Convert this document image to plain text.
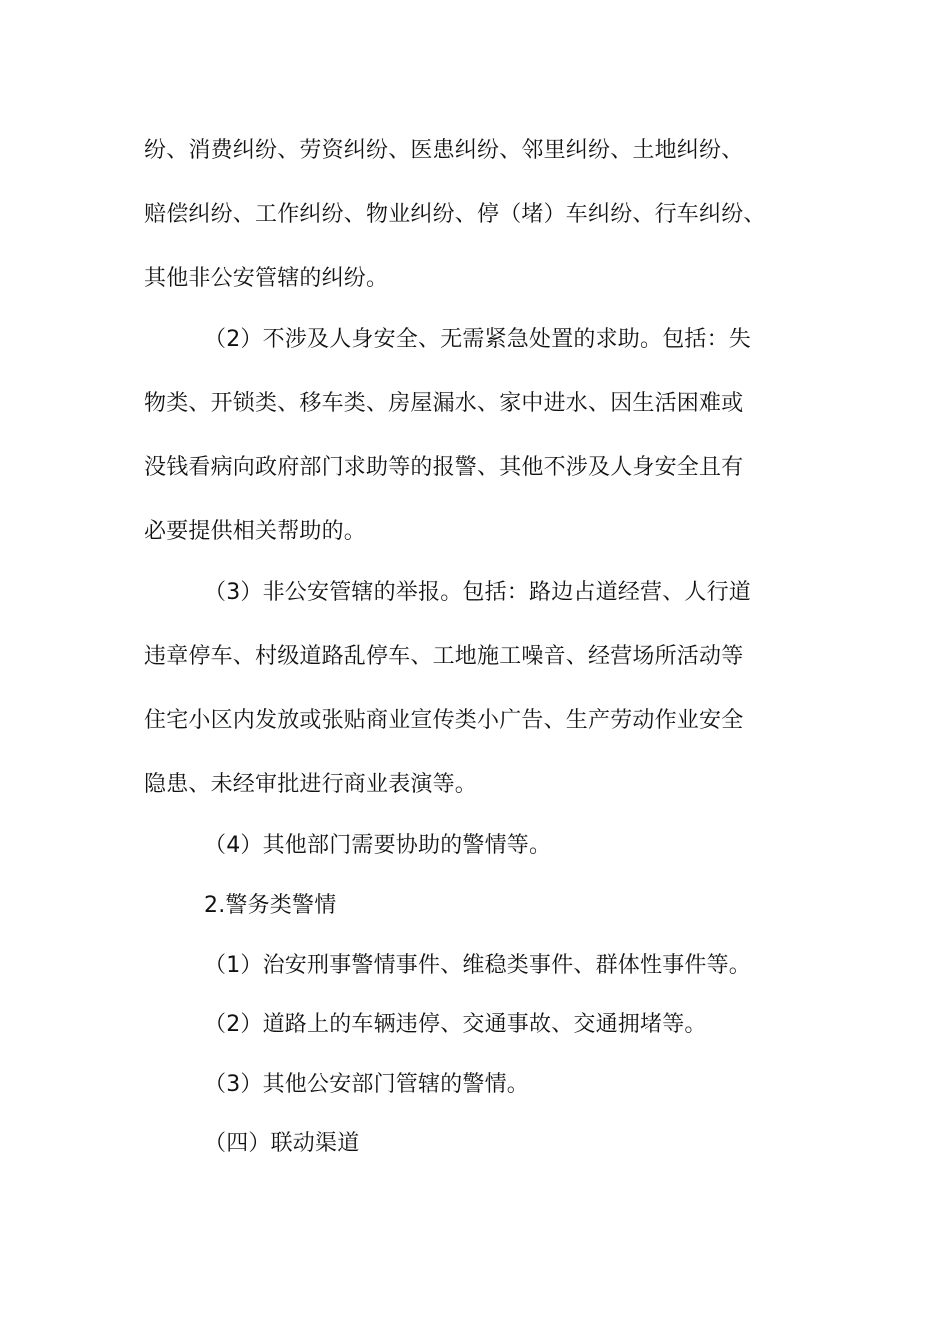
纷、消费纠纷、劳资纠纷、医患纠纷、邻里纠纷、土地纠纷、
赔偿纠纷、工作纠纷、物业纠纷、停（堵）车纠纷、行车纠纷、
其他非公安管辖的纠纷。
（2）不涉及人身安全、无需紧急处置的求助。包括：失
物类、开锁类、移车类、房屋漏水、家中进水、因生活困难或
没钱看病向政府部门求助等的报警、其他不涉及人身安全且有
必要提供相关帮助的。
（3）非公安管辖的举报。包括：路边占道经营、人行道
违章停车、村级道路乱停车、工地施工噪音、经营场所活动等
住宅小区内发放或张贴商业宣传类小广告、生产劳动作业安全
隐患、未经审批进行商业表演等。
（4）其他部门需要协助的警情等。
2.警务类警情
（1）治安刑事警情事件、维稳类事件、群体性事件等。
（2）道路上的车辆违停、交通事故、交通拥堵等。
（3）其他公安部门管辖的警情。
（四）联动渠道
